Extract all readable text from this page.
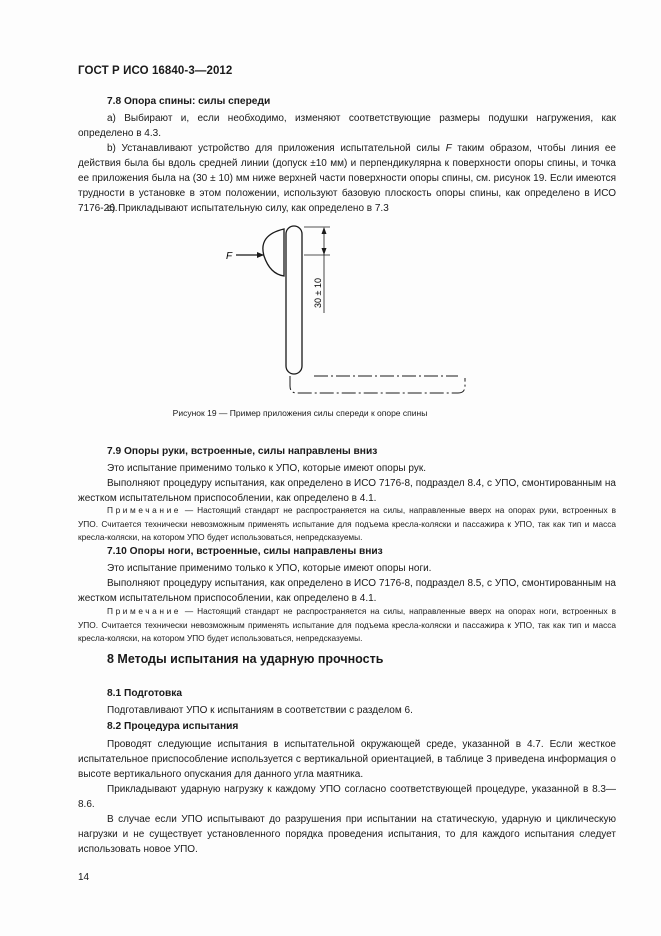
ГОСТ Р ИСО 16840-3—2012
7.8 Опора спины: силы спереди
a) Выбирают и, если необходимо, изменяют соответствующие размеры подушки нагружения, как определено в 4.3.
b) Устанавливают устройство для приложения испытательной силы F таким образом, чтобы линия ее действия была бы вдоль средней линии (допуск ±10 мм) и перпендикулярна к поверхности опоры спины, и точка ее приложения была на (30 ± 10) мм ниже верхней части поверхности опоры спины, см. рисунок 19. Если имеются трудности в установке в этом положении, используют базовую плоскость опоры спины, как определено в ИСО 7176-26.
c) Прикладывают испытательную силу, как определено в 7.3
F
30 ± 10
Рисунок 19 — Пример приложения силы спереди к опоре спины
7.9 Опоры руки, встроенные, силы направлены вниз
Это испытание применимо только к УПО, которые имеют опоры рук.
Выполняют процедуру испытания, как определено в ИСО 7176-8, подраздел 8.4, с УПО, смонтированным на жестком испытательном приспособлении, как определено в 4.1.
Примечание — Настоящий стандарт не распространяется на силы, направленные вверх на опорах руки, встроенных в УПО. Считается технически невозможным применять испытание для подъема кресла-коляски и пассажира к УПО, так как тип и масса кресла-коляски, на котором УПО будет использоваться, непредсказуемы.
7.10 Опоры ноги, встроенные, силы направлены вниз
Это испытание применимо только к УПО, которые имеют опоры ноги.
Выполняют процедуру испытания, как определено в ИСО 7176-8, подраздел 8.5, с УПО, смонтированным на жестком испытательном приспособлении, как определено в 4.1.
Примечание — Настоящий стандарт не распространяется на силы, направленные вверх на опорах ноги, встроенных в УПО. Считается технически невозможным применять испытание для подъема кресла-коляски и пассажира к УПО, так как тип и масса кресла-коляски, на котором УПО будет использоваться, непредсказуемы.
8 Методы испытания на ударную прочность
8.1 Подготовка
Подготавливают УПО к испытаниям в соответствии с разделом 6.
8.2 Процедура испытания
Проводят следующие испытания в испытательной окружающей среде, указанной в 4.7. Если жесткое испытательное приспособление используется с вертикальной ориентацией, в таблице 3 приведена информация о высоте вертикального опускания для данного угла маятника.
Прикладывают ударную нагрузку к каждому УПО согласно соответствующей процедуре, указанной в 8.3—8.6.
В случае если УПО испытывают до разрушения при испытании на статическую, ударную и циклическую нагрузки и не существует установленного порядка проведения испытания, то для каждого испытания следует использовать новое УПО.
14
